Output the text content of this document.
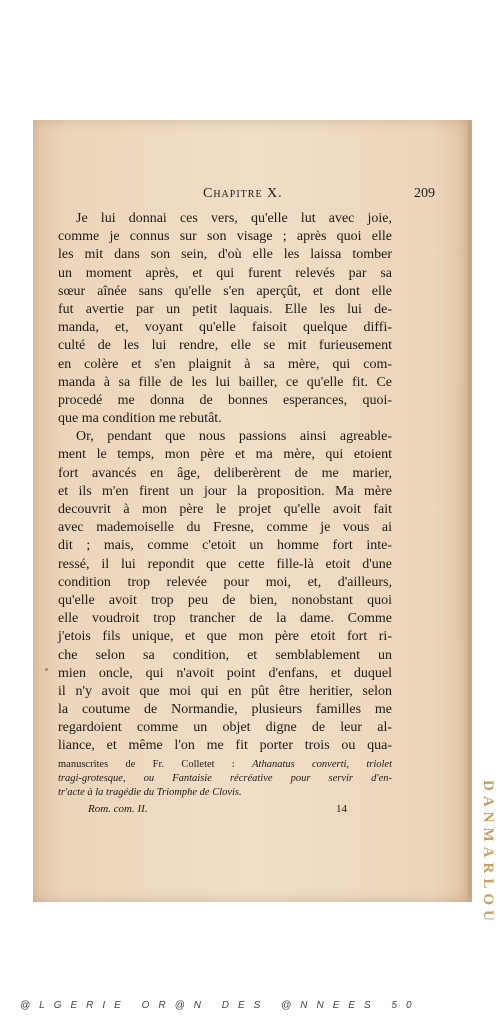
Chapitre X.	209
Je lui donnai ces vers, qu'elle lut avec joie,
comme je connus sur son visage ; après quoi elle
les mit dans son sein, d'où elle les laissa tomber
un moment après, et qui furent relevés par sa
sœur aînée sans qu'elle s'en aperçût, et dont elle
fut avertie par un petit laquais. Elle les lui de-
manda, et, voyant qu'elle faisoit quelque diffi-
culté de les lui rendre, elle se mit furieusement
en colère et s'en plaignit à sa mère, qui com-
manda à sa fille de les lui bailler, ce qu'elle fit. Ce
procedé me donna de bonnes esperances, quoi-
que ma condition me rebutât.
Or, pendant que nous passions ainsi agreable-
ment le temps, mon père et ma mère, qui etoient
fort avancés en âge, deliberèrent de me marier,
et ils m'en firent un jour la proposition. Ma mère
decouvrit à mon père le projet qu'elle avoit fait
avec mademoiselle du Fresne, comme je vous ai
dit ; mais, comme c'etoit un homme fort inte-
ressé, il lui repondit que cette fille-là etoit d'une
condition trop relevée pour moi, et, d'ailleurs,
qu'elle avoit trop peu de bien, nonobstant quoi
elle voudroit trop trancher de la dame. Comme
j'etois fils unique, et que mon père etoit fort ri-
che selon sa condition, et semblablement un
mien oncle, qui n'avoit point d'enfans, et duquel
il n'y avoit que moi qui en pût être heritier, selon
la coutume de Normandie, plusieurs familles me
regardoient comme un objet digne de leur al-
liance, et même l'on me fit porter trois ou qua-
manuscrites de Fr. Colletet : Athanatus converti, triolet
tragi-grotesque, ou Fantaisie récréative pour servir d'en-
tr'acte à la tragédie du Triomphe de Clovis.
Rom. com. II.	14	DANMARLOU
@LGERIE OR@N DES @NNEES 50
